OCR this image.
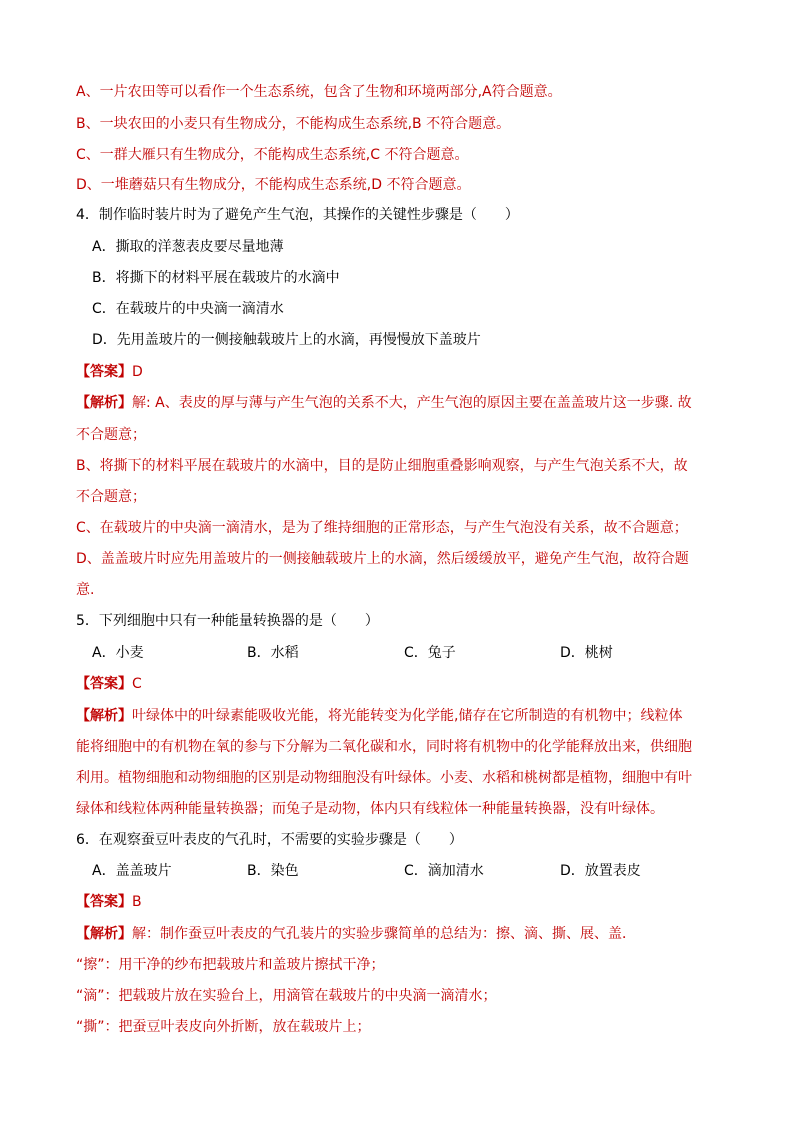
A、一片农田等可以看作一个生态系统，包含了生物和环境两部分,A符合题意。
B、一块农田的小麦只有生物成分，不能构成生态系统,B 不符合题意。
C、一群大雁只有生物成分，不能构成生态系统,C 不符合题意。
D、一堆蘑菇只有生物成分，不能构成生态系统,D 不符合题意。
4．制作临时装片时为了避免产生气泡，其操作的关键性步骤是（　　）
A．撕取的洋葱表皮要尽量地薄
B．将撕下的材料平展在载玻片的水滴中
C．在载玻片的中央滴一滴清水
D．先用盖玻片的一侧接触载玻片上的水滴，再慢慢放下盖玻片
【答案】D
【解析】解: A、表皮的厚与薄与产生气泡的关系不大，产生气泡的原因主要在盖盖玻片这一步骤. 故
不合题意；
B、将撕下的材料平展在载玻片的水滴中，目的是防止细胞重叠影响观察，与产生气泡关系不大，故
不合题意；
C、在载玻片的中央滴一滴清水，是为了维持细胞的正常形态，与产生气泡没有关系，故不合题意；
D、盖盖玻片时应先用盖玻片的一侧接触载玻片上的水滴，然后缓缓放平，避免产生气泡，故符合题
意.
5．下列细胞中只有一种能量转换器的是（　　）
A．小麦	B．水稻	C．兔子	D．桃树
【答案】C
【解析】叶绿体中的叶绿素能吸收光能，将光能转变为化学能,储存在它所制造的有机物中；线粒体
能将细胞中的有机物在氧的参与下分解为二氧化碳和水，同时将有机物中的化学能释放出来，供细胞
利用。植物细胞和动物细胞的区别是动物细胞没有叶绿体。小麦、水稻和桃树都是植物，细胞中有叶
绿体和线粒体两种能量转换器；而兔子是动物，体内只有线粒体一种能量转换器，没有叶绿体。
6．在观察蚕豆叶表皮的气孔时，不需要的实验步骤是（　　）
A．盖盖玻片	B．染色	C．滴加清水	D．放置表皮
【答案】B
【解析】解：制作蚕豆叶表皮的气孔装片的实验步骤简单的总结为：擦、滴、撕、展、盖．
“擦”：用干净的纱布把载玻片和盖玻片擦拭干净；
“滴”：把载玻片放在实验台上，用滴管在载玻片的中央滴一滴清水；
“撕”：把蚕豆叶表皮向外折断，放在载玻片上；
